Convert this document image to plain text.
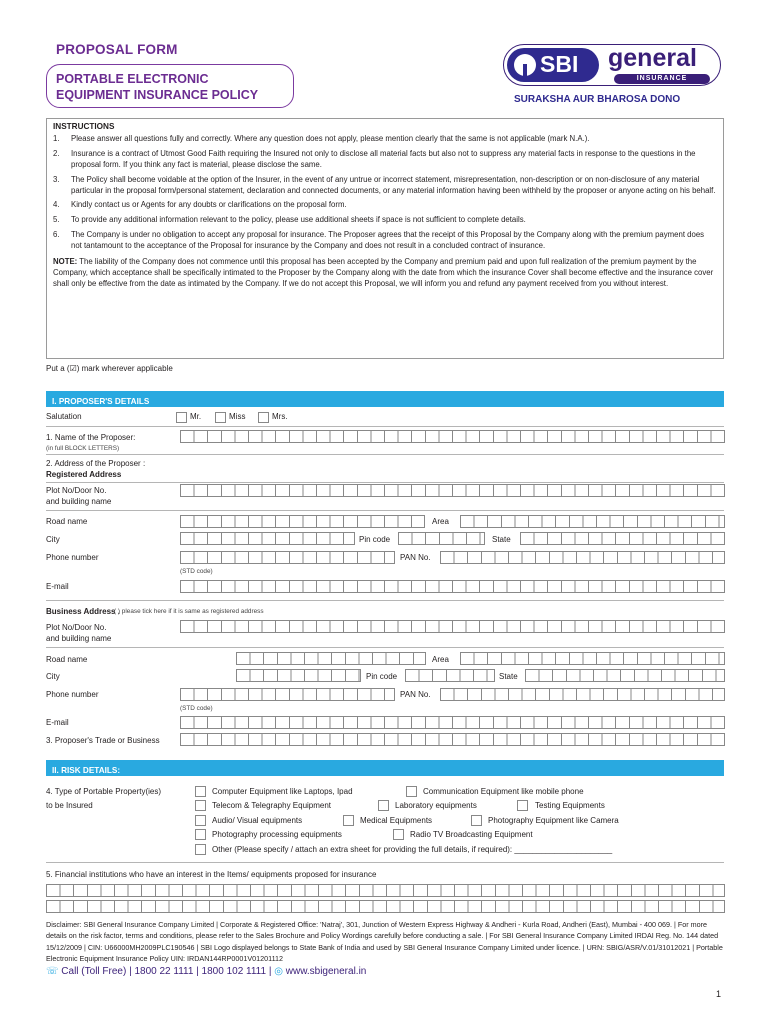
PROPOSAL FORM
PORTABLE ELECTRONIC
EQUIPMENT INSURANCE POLICY
SBI general
INSURANCE
SURAKSHA AUR BHAROSA DONO
INSTRUCTIONS
1.	Please answer all questions fully and correctly. Where any question does not apply, please mention clearly that the same is not applicable (mark N.A.).
2.	Insurance is a contract of Utmost Good Faith requiring the Insured not only to disclose all material facts but also not to suppress any material facts in response to the questions in the proposal form. If you think any fact is material, please disclose the same.
3.	The Policy shall become voidable at the option of the Insurer, in the event of any untrue or incorrect statement, misrepresentation, non-description or on non-disclosure of any material particular in the proposal form/personal statement, declaration and connected documents, or any material information having been withheld by the proposer or anyone acting on his behalf.
4.	Kindly contact us or Agents for any doubts or clarifications on the proposal form.
5.	To provide any additional information relevant to the policy, please use additional sheets if space is not sufficient to complete details.
6.	The Company is under no obligation to accept any proposal for insurance. The Proposer agrees that the receipt of this Proposal by the Company along with the premium payment does not tantamount to the acceptance of the Proposal for insurance by the Company and does not result in a concluded contract of insurance.
NOTE: The liability of the Company does not commence until this proposal has been accepted by the Company and premium paid and upon full realization of the premium payment by the Company, which acceptance shall be specifically intimated to the Proposer by the Company along with the date from which the insurance Cover shall become effective and the insurance cover shall only be effective from the date as intimated by the Company. If we do not accept this Proposal, we will inform you and refund any payment received from you without interest.
Put a (☑) mark wherever applicable
I. PROPOSER'S DETAILS
Salutation	Mr.	Miss	Mrs.
1. Name of the Proposer:
(in full BLOCK LETTERS)
2. Address of the Proposer :
Registered Address
Plot No/Door No.
and building name
Road name	Area
City	Pin code	State
Phone number	PAN No.
(STD code)
E-mail
Business Address .
( ) please tick here if it is same as registered address
Plot No/Door No.
and building name
Road name	Area
City	Pin code	State
Phone number	PAN No.
(STD code)
E-mail
3. Proposer's Trade or Business
II. RISK DETAILS:
4. Type of Portable Property(ies)
to be Insured
Computer Equipment like Laptops, Ipad	Communication Equipment like mobile phone
Telecom & Telegraphy Equipment	Laboratory equipments	Testing Equipments
Audio/ Visual equipments	Medical Equipments	Photography Equipment like Camera
Photography processing equipments	Radio TV Broadcasting Equipment
Other (Please specify / attach an extra sheet for providing the full details, if required): ______________________
5. Financial institutions who have an interest in the Items/ equipments proposed for insurance
Disclaimer: SBI General Insurance Company Limited | Corporate & Registered Office: 'Natraj', 301, Junction of Western Express Highway & Andheri - Kurla Road, Andheri (East), Mumbai - 400 069. | For more details on the risk factor, terms and conditions, please refer to the Sales Brochure and Policy Wordings carefully before conducting a sale. | For SBI General Insurance Company Limited IRDAI Reg. No. 144 dated 15/12/2009 | CIN: U66000MH2009PLC190546 | SBI Logo displayed belongs to State Bank of India and used by SBI General Insurance Company Limited under licence. | URN: SBIG/ASR/V.01/31012021 | Portable Electronic Equipment Insurance Policy UIN: IRDAN144RP0001V01201112
☏ Call (Toll Free) | 1800 22 1111 | 1800 102 1111 | ◎ www.sbigeneral.in
1
